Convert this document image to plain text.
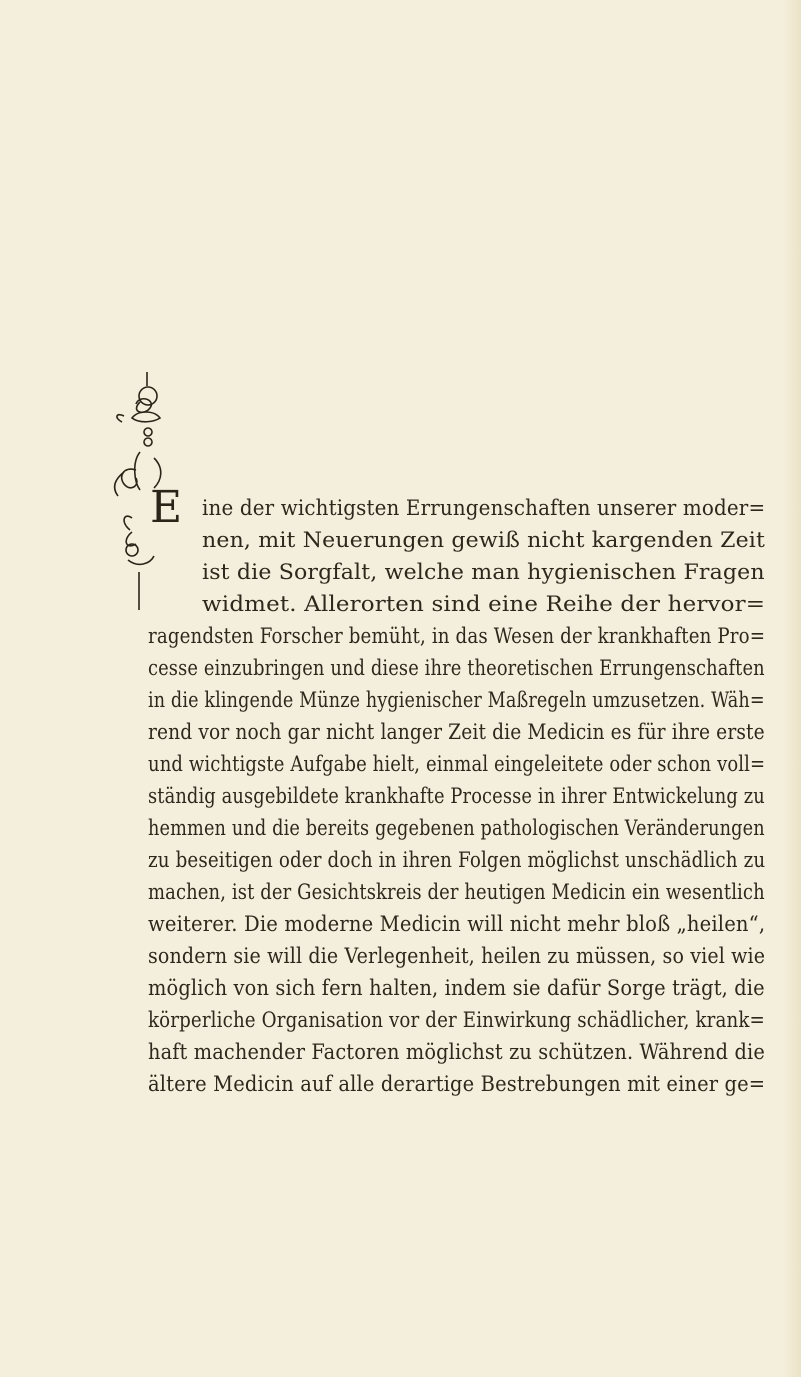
E ine der wichtigsten Errungenschaften unserer moder=
nen, mit Neuerungen gewiß nicht kargenden Zeit
ist die Sorgfalt, welche man hygienischen Fragen
widmet. Allerorten sind eine Reihe der hervor=
ragendsten Forscher bemüht, in das Wesen der krankhaften Pro=
cesse einzubringen und diese ihre theoretischen Errungenschaften
in die klingende Münze hygienischer Maßregeln umzusetzen. Wäh=
rend vor noch gar nicht langer Zeit die Medicin es für ihre erste
und wichtigste Aufgabe hielt, einmal eingeleitete oder schon voll=
ständig ausgebildete krankhafte Processe in ihrer Entwickelung zu
hemmen und die bereits gegebenen pathologischen Veränderungen
zu beseitigen oder doch in ihren Folgen möglichst unschädlich zu
machen, ist der Gesichtskreis der heutigen Medicin ein wesentlich
weiterer. Die moderne Medicin will nicht mehr bloß „heilen“,
sondern sie will die Verlegenheit, heilen zu müssen, so viel wie
möglich von sich fern halten, indem sie dafür Sorge trägt, die
körperliche Organisation vor der Einwirkung schädlicher, krank=
haft machender Factoren möglichst zu schützen. Während die
ältere Medicin auf alle derartige Bestrebungen mit einer ge=
